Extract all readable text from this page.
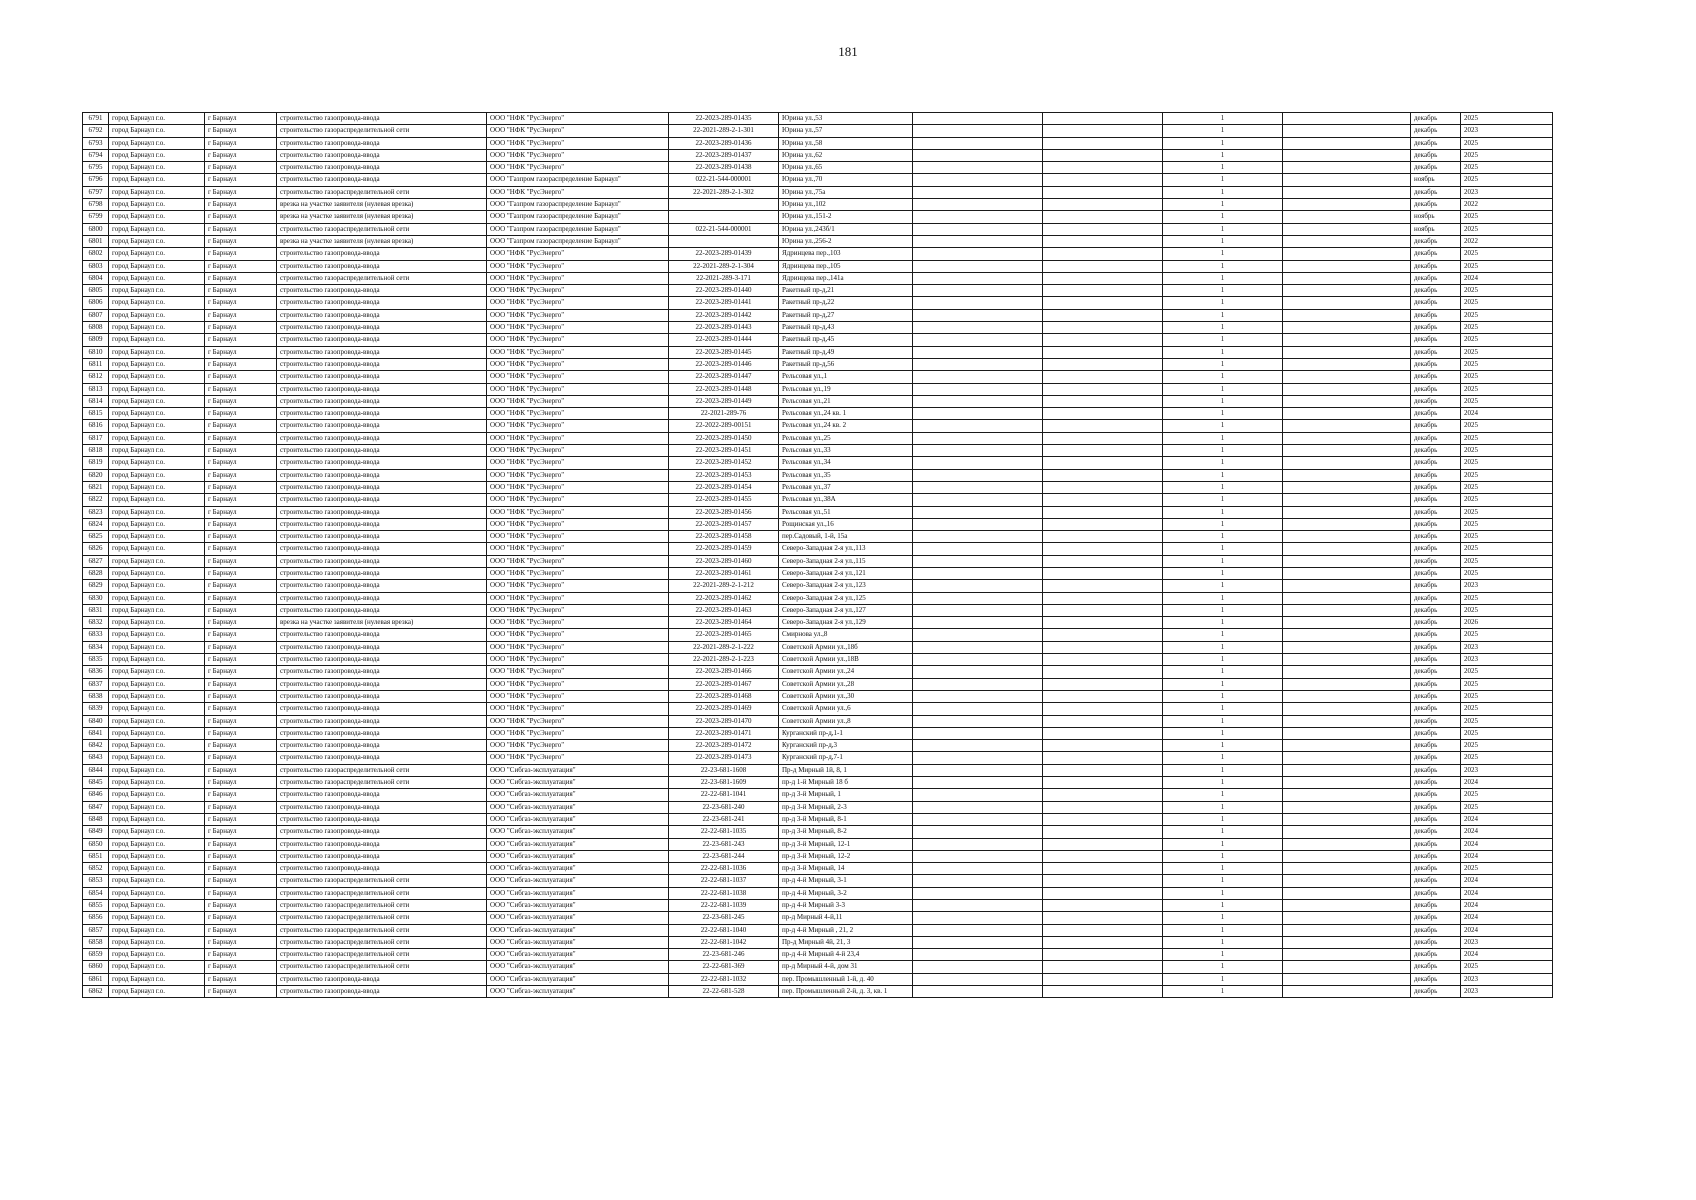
181
6791	город Барнаул г.о.	г Барнаул	строительство газопровода-ввода	ООО "НФК "РусЭнерго"	22-2023-289-01435	Юрина ул.,53			1		декабрь	2025
6792	город Барнаул г.о.	г Барнаул	строительство газораспределительной сети	ООО "НФК "РусЭнерго"	22-2021-289-2-1-301	Юрина ул.,57			1		декабрь	2023
6793	город Барнаул г.о.	г Барнаул	строительство газопровода-ввода	ООО "НФК "РусЭнерго"	22-2023-289-01436	Юрина ул.,58			1		декабрь	2025
6794	город Барнаул г.о.	г Барнаул	строительство газопровода-ввода	ООО "НФК "РусЭнерго"	22-2023-289-01437	Юрина ул.,62			1		декабрь	2025
6795	город Барнаул г.о.	г Барнаул	строительство газопровода-ввода	ООО "НФК "РусЭнерго"	22-2023-289-01438	Юрина ул.,65			1		декабрь	2025
6796	город Барнаул г.о.	г Барнаул	строительство газопровода-ввода	ООО "Газпром газораспределение Барнаул"	022-21-544-000001	Юрина ул.,70			1		ноябрь	2025
6797	город Барнаул г.о.	г Барнаул	строительство газораспределительной сети	ООО "НФК "РусЭнерго"	22-2021-289-2-1-302	Юрина ул.,75а			1		декабрь	2023
6798	город Барнаул г.о.	г Барнаул	врезка на участке заявителя (нулевая врезка)	ООО "Газпром газораспределение Барнаул"		Юрина ул.,102			1		декабрь	2022
6799	город Барнаул г.о.	г Барнаул	врезка на участке заявителя (нулевая врезка)	ООО "Газпром газораспределение Барнаул"		Юрина ул.,151-2			1		ноябрь	2025
6800	город Барнаул г.о.	г Барнаул	строительство газораспределительной сети	ООО "Газпром газораспределение Барнаул"	022-21-544-000001	Юрина ул.,243б/1			1		ноябрь	2025
6801	город Барнаул г.о.	г Барнаул	врезка на участке заявителя (нулевая врезка)	ООО "Газпром газораспределение Барнаул"		Юрина ул.,256-2			1		декабрь	2022
6802	город Барнаул г.о.	г Барнаул	строительство газопровода-ввода	ООО "НФК "РусЭнерго"	22-2023-289-01439	Ядринцева пер.,103			1		декабрь	2025
6803	город Барнаул г.о.	г Барнаул	строительство газопровода-ввода	ООО "НФК "РусЭнерго"	22-2021-289-2-1-304	Ядринцева пер.,105			1		декабрь	2025
6804	город Барнаул г.о.	г Барнаул	строительство газораспределительной сети	ООО "НФК "РусЭнерго"	22-2021-289-3-171	Ядринцева пер.,141а			1		декабрь	2024
6805	город Барнаул г.о.	г Барнаул	строительство газопровода-ввода	ООО "НФК "РусЭнерго"	22-2023-289-01440	Ракетный пр-д,21			1		декабрь	2025
6806	город Барнаул г.о.	г Барнаул	строительство газопровода-ввода	ООО "НФК "РусЭнерго"	22-2023-289-01441	Ракетный пр-д,22			1		декабрь	2025
6807	город Барнаул г.о.	г Барнаул	строительство газопровода-ввода	ООО "НФК "РусЭнерго"	22-2023-289-01442	Ракетный пр-д,27			1		декабрь	2025
6808	город Барнаул г.о.	г Барнаул	строительство газопровода-ввода	ООО "НФК "РусЭнерго"	22-2023-289-01443	Ракетный пр-д,43			1		декабрь	2025
6809	город Барнаул г.о.	г Барнаул	строительство газопровода-ввода	ООО "НФК "РусЭнерго"	22-2023-289-01444	Ракетный пр-д,45			1		декабрь	2025
6810	город Барнаул г.о.	г Барнаул	строительство газопровода-ввода	ООО "НФК "РусЭнерго"	22-2023-289-01445	Ракетный пр-д,49			1		декабрь	2025
6811	город Барнаул г.о.	г Барнаул	строительство газопровода-ввода	ООО "НФК "РусЭнерго"	22-2023-289-01446	Ракетный пр-д,56			1		декабрь	2025
6812	город Барнаул г.о.	г Барнаул	строительство газопровода-ввода	ООО "НФК "РусЭнерго"	22-2023-289-01447	Рельсовая ул.,1			1		декабрь	2025
6813	город Барнаул г.о.	г Барнаул	строительство газопровода-ввода	ООО "НФК "РусЭнерго"	22-2023-289-01448	Рельсовая ул.,19			1		декабрь	2025
6814	город Барнаул г.о.	г Барнаул	строительство газопровода-ввода	ООО "НФК "РусЭнерго"	22-2023-289-01449	Рельсовая ул.,21			1		декабрь	2025
6815	город Барнаул г.о.	г Барнаул	строительство газопровода-ввода	ООО "НФК "РусЭнерго"	22-2021-289-76	Рельсовая ул.,24 кв. 1			1		декабрь	2024
6816	город Барнаул г.о.	г Барнаул	строительство газопровода-ввода	ООО "НФК "РусЭнерго"	22-2022-289-00151	Рельсовая ул.,24 кв. 2			1		декабрь	2025
6817	город Барнаул г.о.	г Барнаул	строительство газопровода-ввода	ООО "НФК "РусЭнерго"	22-2023-289-01450	Рельсовая ул.,25			1		декабрь	2025
6818	город Барнаул г.о.	г Барнаул	строительство газопровода-ввода	ООО "НФК "РусЭнерго"	22-2023-289-01451	Рельсовая ул.,33			1		декабрь	2025
6819	город Барнаул г.о.	г Барнаул	строительство газопровода-ввода	ООО "НФК "РусЭнерго"	22-2023-289-01452	Рельсовая ул.,34			1		декабрь	2025
6820	город Барнаул г.о.	г Барнаул	строительство газопровода-ввода	ООО "НФК "РусЭнерго"	22-2023-289-01453	Рельсовая ул.,35			1		декабрь	2025
6821	город Барнаул г.о.	г Барнаул	строительство газопровода-ввода	ООО "НФК "РусЭнерго"	22-2023-289-01454	Рельсовая ул.,37			1		декабрь	2025
6822	город Барнаул г.о.	г Барнаул	строительство газопровода-ввода	ООО "НФК "РусЭнерго"	22-2023-289-01455	Рельсовая ул.,38А			1		декабрь	2025
6823	город Барнаул г.о.	г Барнаул	строительство газопровода-ввода	ООО "НФК "РусЭнерго"	22-2023-289-01456	Рельсовая ул.,51			1		декабрь	2025
6824	город Барнаул г.о.	г Барнаул	строительство газопровода-ввода	ООО "НФК "РусЭнерго"	22-2023-289-01457	Рощинская ул.,16			1		декабрь	2025
6825	город Барнаул г.о.	г Барнаул	строительство газопровода-ввода	ООО "НФК "РусЭнерго"	22-2023-289-01458	пер.Садовый, 1-й, 15а			1		декабрь	2025
6826	город Барнаул г.о.	г Барнаул	строительство газопровода-ввода	ООО "НФК "РусЭнерго"	22-2023-289-01459	Северо-Западная 2-я ул.,113			1		декабрь	2025
6827	город Барнаул г.о.	г Барнаул	строительство газопровода-ввода	ООО "НФК "РусЭнерго"	22-2023-289-01460	Северо-Западная 2-я ул.,115			1		декабрь	2025
6828	город Барнаул г.о.	г Барнаул	строительство газопровода-ввода	ООО "НФК "РусЭнерго"	22-2023-289-01461	Северо-Западная 2-я ул.,121			1		декабрь	2025
6829	город Барнаул г.о.	г Барнаул	строительство газопровода-ввода	ООО "НФК "РусЭнерго"	22-2021-289-2-1-212	Северо-Западная 2-я ул.,123			1		декабрь	2023
6830	город Барнаул г.о.	г Барнаул	строительство газопровода-ввода	ООО "НФК "РусЭнерго"	22-2023-289-01462	Северо-Западная 2-я ул.,125			1		декабрь	2025
6831	город Барнаул г.о.	г Барнаул	строительство газопровода-ввода	ООО "НФК "РусЭнерго"	22-2023-289-01463	Северо-Западная 2-я ул.,127			1		декабрь	2025
6832	город Барнаул г.о.	г Барнаул	врезка на участке заявителя (нулевая врезка)	ООО "НФК "РусЭнерго"	22-2023-289-01464	Северо-Западная 2-я ул.,129			1		декабрь	2026
6833	город Барнаул г.о.	г Барнаул	строительство газопровода-ввода	ООО "НФК "РусЭнерго"	22-2023-289-01465	Смирнова ул.,8			1		декабрь	2025
6834	город Барнаул г.о.	г Барнаул	строительство газопровода-ввода	ООО "НФК "РусЭнерго"	22-2021-289-2-1-222	Советской Армии ул.,18б			1		декабрь	2023
6835	город Барнаул г.о.	г Барнаул	строительство газопровода-ввода	ООО "НФК "РусЭнерго"	22-2021-289-2-1-223	Советской Армии ул.,18В			1		декабрь	2023
6836	город Барнаул г.о.	г Барнаул	строительство газопровода-ввода	ООО "НФК "РусЭнерго"	22-2023-289-01466	Советской Армии ул.,24			1		декабрь	2025
6837	город Барнаул г.о.	г Барнаул	строительство газопровода-ввода	ООО "НФК "РусЭнерго"	22-2023-289-01467	Советской Армии ул.,28			1		декабрь	2025
6838	город Барнаул г.о.	г Барнаул	строительство газопровода-ввода	ООО "НФК "РусЭнерго"	22-2023-289-01468	Советской Армии ул.,30			1		декабрь	2025
6839	город Барнаул г.о.	г Барнаул	строительство газопровода-ввода	ООО "НФК "РусЭнерго"	22-2023-289-01469	Советской Армии ул.,6			1		декабрь	2025
6840	город Барнаул г.о.	г Барнаул	строительство газопровода-ввода	ООО "НФК "РусЭнерго"	22-2023-289-01470	Советской Армии ул.,8			1		декабрь	2025
6841	город Барнаул г.о.	г Барнаул	строительство газопровода-ввода	ООО "НФК "РусЭнерго"	22-2023-289-01471	Курганский пр-д,1-1			1		декабрь	2025
6842	город Барнаул г.о.	г Барнаул	строительство газопровода-ввода	ООО "НФК "РусЭнерго"	22-2023-289-01472	Курганский пр-д,3			1		декабрь	2025
6843	город Барнаул г.о.	г Барнаул	строительство газопровода-ввода	ООО "НФК "РусЭнерго"	22-2023-289-01473	Курганский пр-д,7-1			1		декабрь	2025
6844	город Барнаул г.о.	г Барнаул	строительство газораспределительной сети	ООО "Сибгаз-эксплуатация"	22-23-681-1608	Пр-д Мирный 1й, 8, 1			1		декабрь	2023
6845	город Барнаул г.о.	г Барнаул	строительство газораспределительной сети	ООО "Сибгаз-эксплуатация"	22-23-681-1609	пр-д 1-й Мирный 18 б			1		декабрь	2024
6846	город Барнаул г.о.	г Барнаул	строительство газопровода-ввода	ООО "Сибгаз-эксплуатация"	22-22-681-1041	пр-д 3-й Мирный, 1			1		декабрь	2025
6847	город Барнаул г.о.	г Барнаул	строительство газопровода-ввода	ООО "Сибгаз-эксплуатация"	22-23-681-240	пр-д 3-й Мирный, 2-3			1		декабрь	2025
6848	город Барнаул г.о.	г Барнаул	строительство газопровода-ввода	ООО "Сибгаз-эксплуатация"	22-23-681-241	пр-д 3-й Мирный, 8-1			1		декабрь	2024
6849	город Барнаул г.о.	г Барнаул	строительство газопровода-ввода	ООО "Сибгаз-эксплуатация"	22-22-681-1035	пр-д 3-й Мирный, 8-2			1		декабрь	2024
6850	город Барнаул г.о.	г Барнаул	строительство газопровода-ввода	ООО "Сибгаз-эксплуатация"	22-23-681-243	пр-д 3-й Мирный, 12-1			1		декабрь	2024
6851	город Барнаул г.о.	г Барнаул	строительство газопровода-ввода	ООО "Сибгаз-эксплуатация"	22-23-681-244	пр-д 3-й Мирный, 12-2			1		декабрь	2024
6852	город Барнаул г.о.	г Барнаул	строительство газопровода-ввода	ООО "Сибгаз-эксплуатация"	22-22-681-1036	пр-д 3-й Мирный, 14			1		декабрь	2025
6853	город Барнаул г.о.	г Барнаул	строительство газораспределительной сети	ООО "Сибгаз-эксплуатация"	22-22-681-1037	пр-д 4-й Мирный, 3-1			1		декабрь	2024
6854	город Барнаул г.о.	г Барнаул	строительство газораспределительной сети	ООО "Сибгаз-эксплуатация"	22-22-681-1038	пр-д 4-й Мирный, 3-2			1		декабрь	2024
6855	город Барнаул г.о.	г Барнаул	строительство газораспределительной сети	ООО "Сибгаз-эксплуатация"	22-22-681-1039	пр-д 4-й Мирный 3-3			1		декабрь	2024
6856	город Барнаул г.о.	г Барнаул	строительство газораспределительной сети	ООО "Сибгаз-эксплуатация"	22-23-681-245	пр-д Мирный 4-й,11			1		декабрь	2024
6857	город Барнаул г.о.	г Барнаул	строительство газораспределительной сети	ООО "Сибгаз-эксплуатация"	22-22-681-1040	пр-д 4-й Мирный , 21, 2			1		декабрь	2024
6858	город Барнаул г.о.	г Барнаул	строительство газораспределительной сети	ООО "Сибгаз-эксплуатация"	22-22-681-1042	Пр-д Мирный 4й, 21, 3			1		декабрь	2023
6859	город Барнаул г.о.	г Барнаул	строительство газораспределительной сети	ООО "Сибгаз-эксплуатация"	22-23-681-246	пр-д 4-й Мирный 4-й 23,4			1		декабрь	2024
6860	город Барнаул г.о.	г Барнаул	строительство газораспределительной сети	ООО "Сибгаз-эксплуатация"	22-22-681-369	пр-д Мирный 4-й, дом 31			1		декабрь	2025
6861	город Барнаул г.о.	г Барнаул	строительство газопровода-ввода	ООО "Сибгаз-эксплуатация"	22-22-681-1032	пер. Промышленный 1-й, д. 40			1		декабрь	2023
6862	город Барнаул г.о.	г Барнаул	строительство газопровода-ввода	ООО "Сибгаз-эксплуатация"	22-22-681-528	пер. Промышленный 2-й, д. 3, кв. 1			1		декабрь	2023
